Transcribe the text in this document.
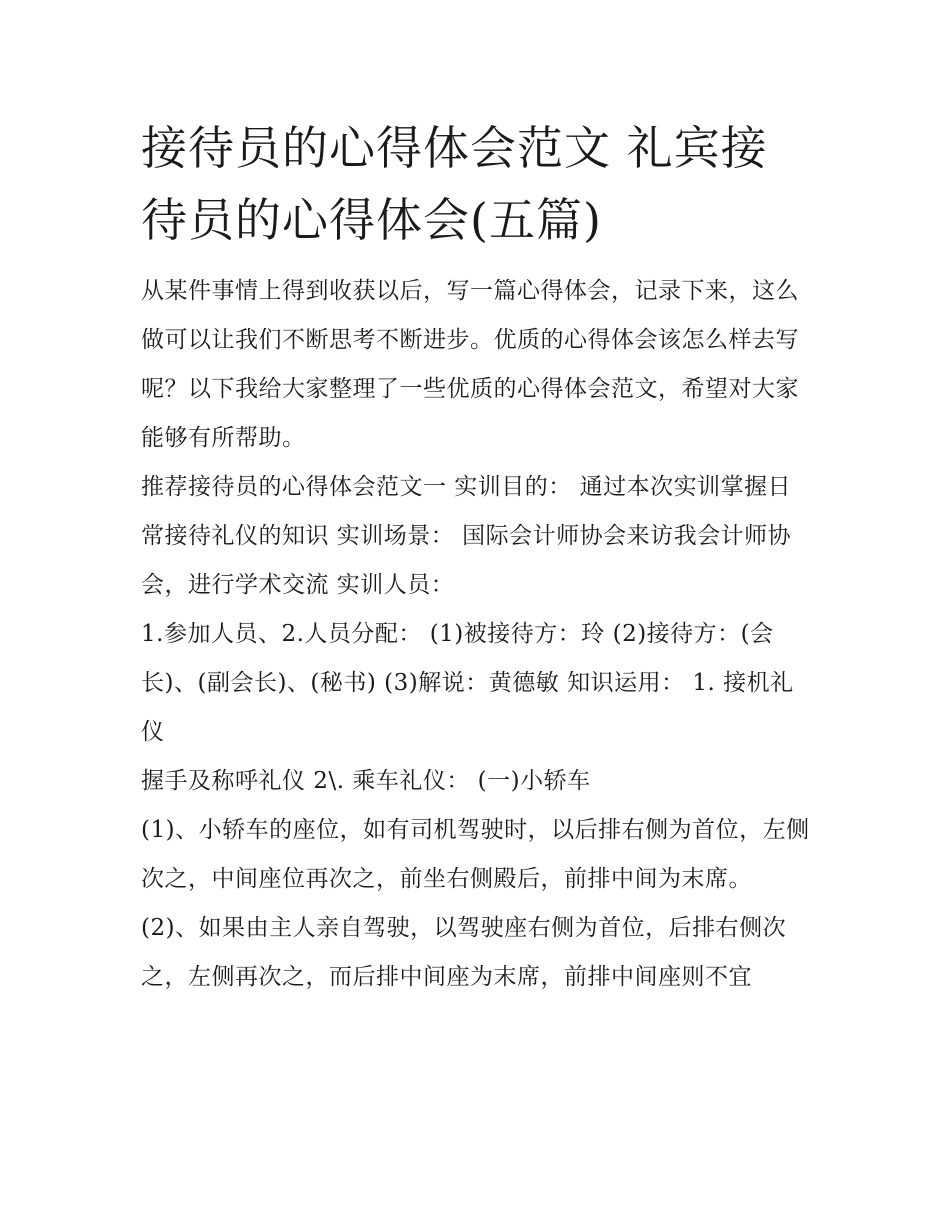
接待员的心得体会范文 礼宾接待员的心得体会(五篇)

从某件事情上得到收获以后，写一篇心得体会，记录下来，这么做可以让我们不断思考不断进步。优质的心得体会该怎么样去写呢？以下我给大家整理了一些优质的心得体会范文，希望对大家能够有所帮助。

推荐接待员的心得体会范文一 实训目的： 通过本次实训掌握日常接待礼仪的知识 实训场景： 国际会计师协会来访我会计师协会，进行学术交流 实训人员：

1.参加人员、2.人员分配： (1)被接待方：玲 (2)接待方：(会长)、(副会长)、(秘书) (3)解说：黄德敏 知识运用： 1. 接机礼仪

握手及称呼礼仪 2\. 乘车礼仪： (一)小轿车

(1)、小轿车的座位，如有司机驾驶时，以后排右侧为首位，左侧次之，中间座位再次之，前坐右侧殿后，前排中间为末席。

(2)、如果由主人亲自驾驶，以驾驶座右侧为首位，后排右侧次之，左侧再次之，而后排中间座为末席，前排中间座则不宜
